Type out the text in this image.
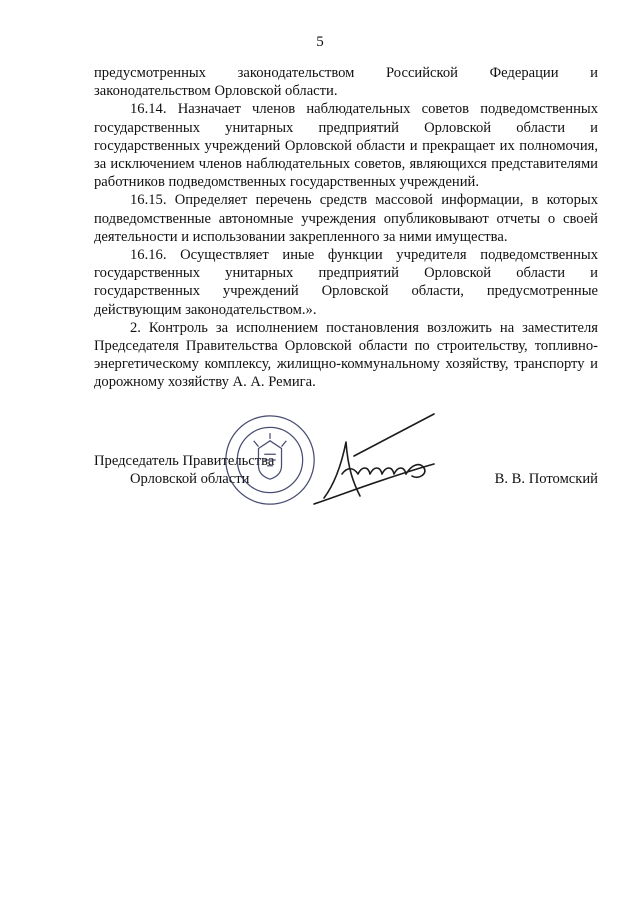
5

предусмотренных законодательством Российской Федерации и законодательством Орловской области.

16.14. Назначает членов наблюдательных советов подведомственных государственных унитарных предприятий Орловской области и государственных учреждений Орловской области и прекращает их полномочия, за исключением членов наблюдательных советов, являющихся представителями работников подведомственных государственных учреждений.

16.15. Определяет перечень средств массовой информации, в которых подведомственные автономные учреждения опубликовывают отчеты о своей деятельности и использовании закрепленного за ними имущества.

16.16. Осуществляет иные функции учредителя подведомственных государственных унитарных предприятий Орловской области и государственных учреждений Орловской области, предусмотренные действующим законодательством.».

2. Контроль за исполнением постановления возложить на заместителя Председателя Правительства Орловской области по строительству, топливно-энергетическому комплексу, жилищно-коммунальному хозяйству, транспорту и дорожному хозяйству А. А. Ремига.

Председатель Правительства
Орловской области	В. В. Потомский
